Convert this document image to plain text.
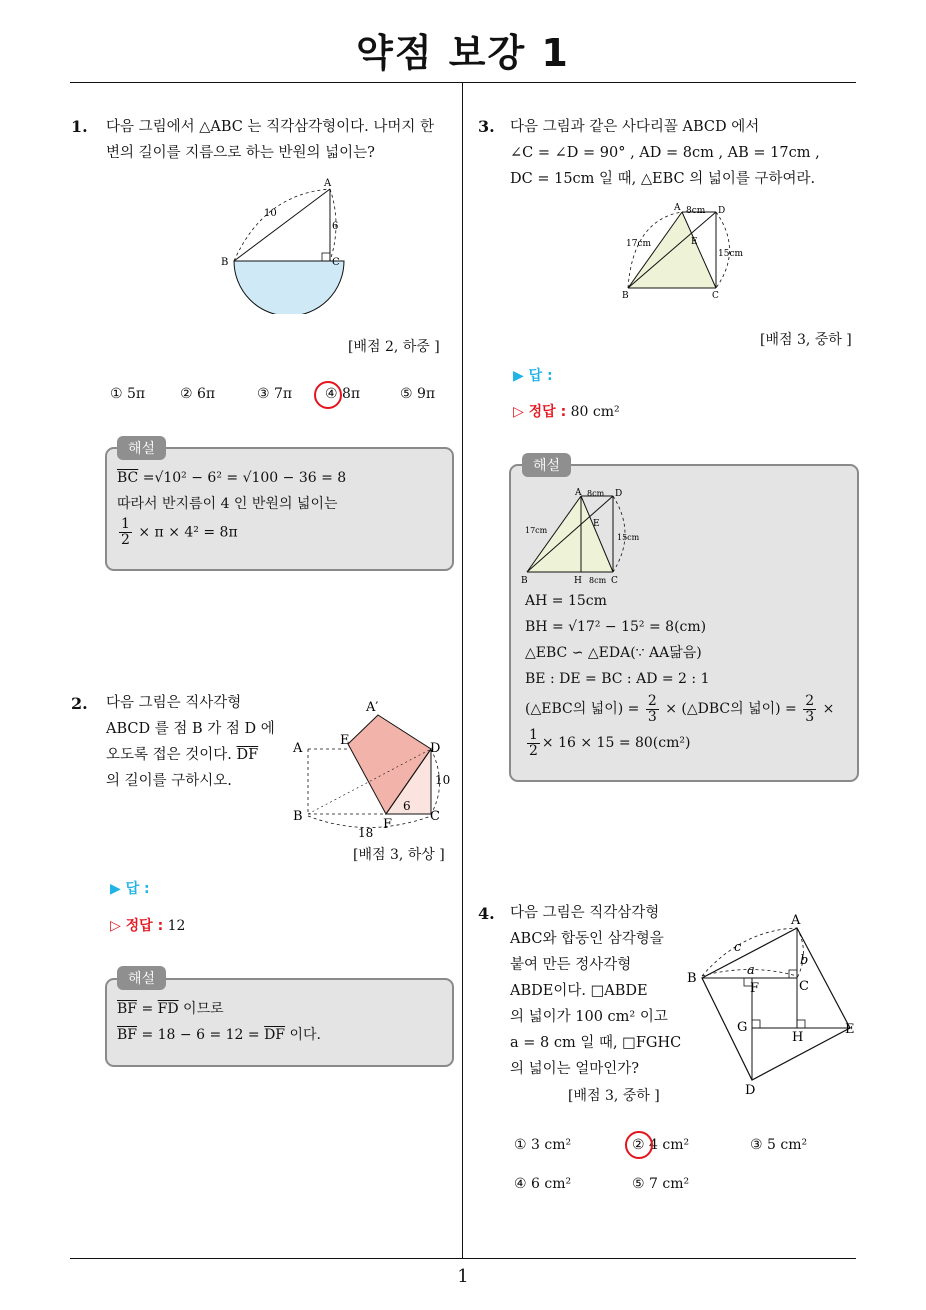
약점 보강 1
1
1. 다음 그림에서 △ABC 는 직각삼각형이다. 나머지 한
변의 길이를 지름으로 하는 반원의 넓이는?
A
B	C
10
6
[배점 2, 하중 ]
① 5π	② 6π	③ 7π	④ 8π	⑤ 9π
$\overline{BC} =√10^2 - 6^2 = √100 - 36 = 8$
따라서 반지름이 4 인 반원의 넓이는
$\frac{1}{2} \times \pi \times 4^2 = 8\pi$
해설
2. 다음 그림은 직사각형
ABCD 를 점 B 가 점 D 에
오도록 접은 것이다. $\overline{DF}$
의 길이를 구하시오.
A′
A
E
D
B
F
C
10
6
18
[배점 3, 하상 ]
▶ 답 :
▷ 정답 : 12
$\overline{BF} = \overline{FD}$ 이므로
$\overline{BF} = 18 - 6 = 12 = \overline{DF}$ 이다.
해설
3. 다음 그림과 같은 사다리꼴 ABCD 에서
∠C = ∠D = 90° , AD = 8cm , AB = 17cm ,
DC = 15cm 일 때, △EBC 의 넓이를 구하여라.
A	D
B	C
E
8cm
17cm
15cm
[배점 3, 중하 ]
▶ 답 :
▷ 정답 : 80 cm²
A	D
B	H	C
E
8cm
17cm
15cm
8cm
AH = 15cm
BH = √17² − 15² = 8(cm)
△EBC ∽ △EDA(∵ AA닮음)
BE : DE = BC : AD = 2 : 1
(△EBC의 넓이) = $\frac{2}{3}$ × (△DBC의 넓이) = $\frac{2}{3}$ ×
$\frac{1}{2} \times 16 \times 15 = 80(cm^2)$
해설
4. 다음 그림은 직각삼각형
ABC와 합동인 삼각형을
붙여 만든 정사각형
ABDE이다. □ABDE
의 넓이가 100 cm² 이고
a = 8 cm 일 때, □FGHC
의 넓이는 얼마인가?
A
B
C
D
E
F
G
H
a
b
c
[배점 3, 중하 ]
① 3 cm²	② 4 cm²	③ 5 cm²
④ 6 cm²	⑤ 7 cm²
